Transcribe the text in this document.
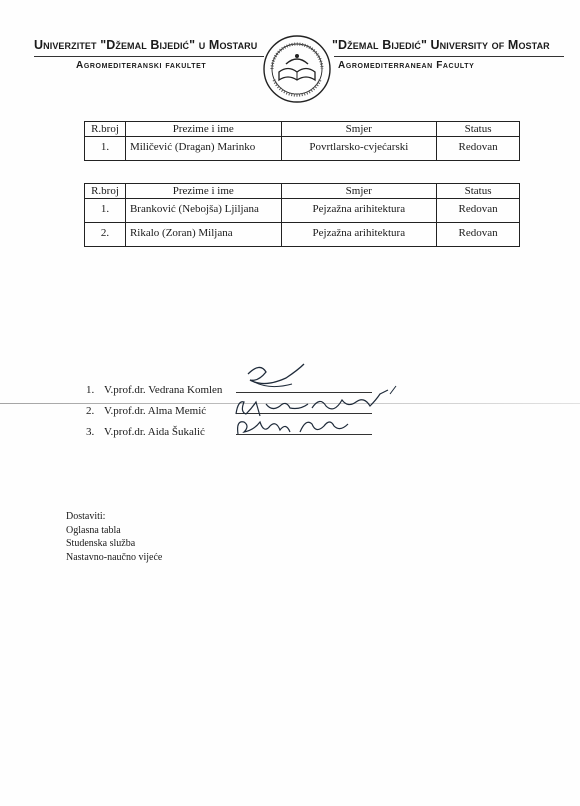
Univerzitet "Džemal Bijedić" u Mostaru
Agromediteranski fakultet
"Džemal Bijedić" University of Mostar
Agromediterranean Faculty
R.broj	Prezime i ime	Smjer	Status
1.	Miličević (Dragan) Marinko	Povrtlarsko-cvjećarski	Redovan
R.broj	Prezime i ime	Smjer	Status
1.	Branković (Nebojša) Ljiljana	Pejzažna arihitektura	Redovan
2.	Rikalo (Zoran) Miljana	Pejzažna arihitektura	Redovan
1. V.prof.dr. Vedrana Komlen
2. V.prof.dr. Alma Memić
3. V.prof.dr. Aida Šukalić
Dostaviti:
Oglasna tabla
Studenska služba
Nastavno-naučno vijeće
